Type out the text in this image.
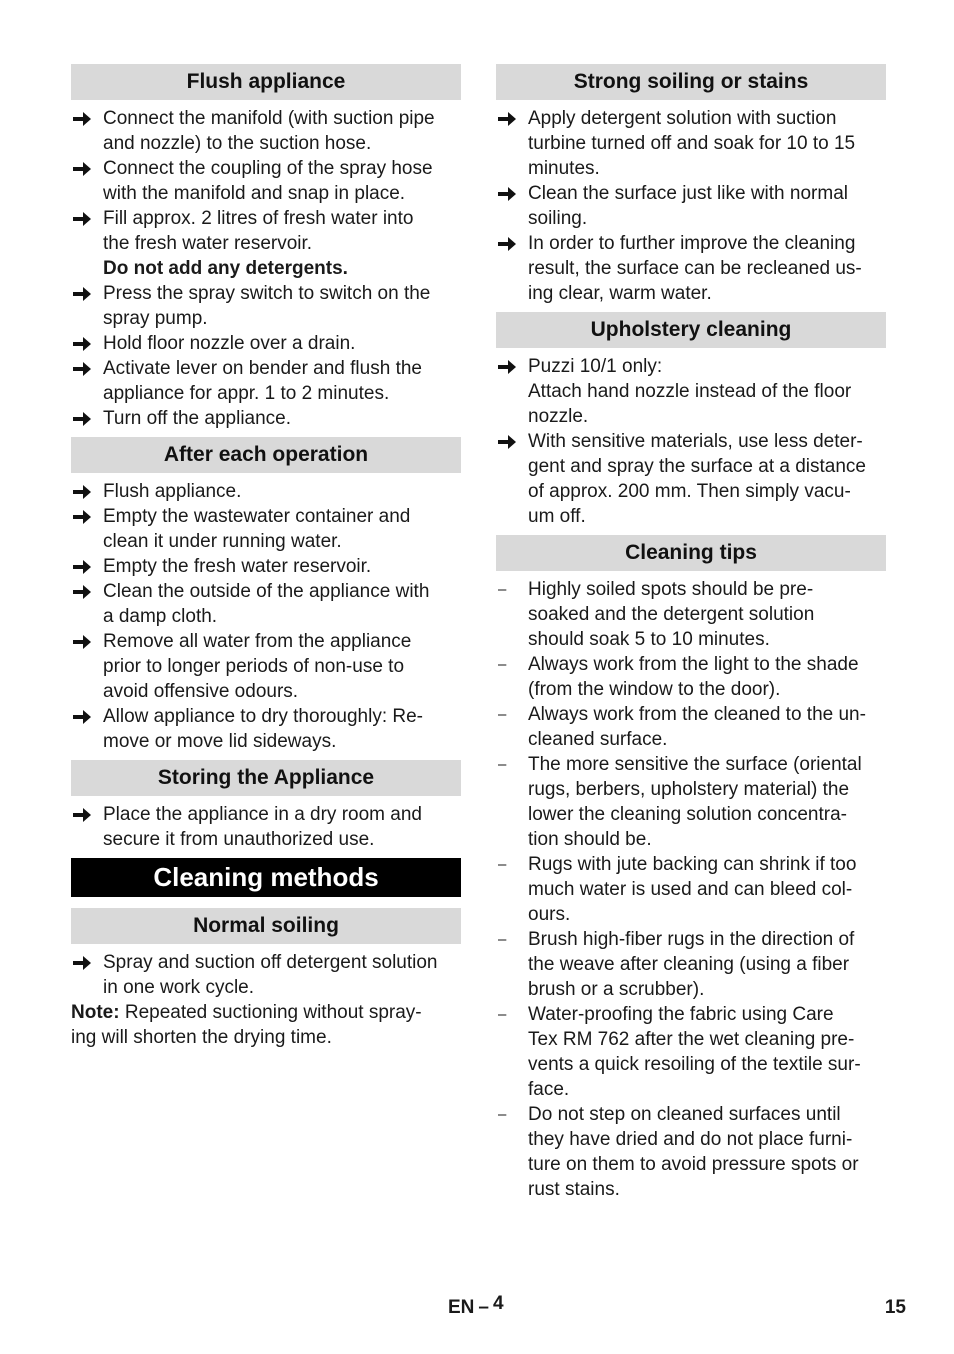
Flush appliance
Connect the manifold (with suction pipe
and nozzle) to the suction hose.
Connect the coupling of the spray hose
with the manifold and snap in place.
Fill approx. 2 litres of fresh water into
the fresh water reservoir.
Do not add any detergents.
Press the spray switch to switch on the
spray pump.
Hold floor nozzle over a drain.
Activate lever on bender and flush the
appliance for appr. 1 to 2 minutes.
Turn off the appliance.
After each operation
Flush appliance.
Empty the wastewater container and
clean it under running water.
Empty the fresh water reservoir.
Clean the outside of the appliance with
a damp cloth.
Remove all water from the appliance
prior to longer periods of non-use to
avoid offensive odours.
Allow appliance to dry thoroughly: Re-
move or move lid sideways.
Storing the Appliance
Place the appliance in a dry room and
secure it from unauthorized use.
Cleaning methods
Normal soiling
Spray and suction off detergent solution
in one work cycle.
Note: Repeated suctioning without spray-
ing will shorten the drying time.
Strong soiling or stains
Apply detergent solution with suction
turbine turned off and soak for 10 to 15
minutes.
Clean the surface just like with normal
soiling.
In order to further improve the cleaning
result, the surface can be recleaned us-
ing clear, warm water.
Upholstery cleaning
Puzzi 10/1 only:
Attach hand nozzle instead of the floor
nozzle.
With sensitive materials, use less deter-
gent and spray the surface at a distance
of approx. 200 mm. Then simply vacu-
um off.
Cleaning tips
– Highly soiled spots should be pre-
soaked and the detergent solution
should soak 5 to 10 minutes.
– Always work from the light to the shade
(from the window to the door).
– Always work from the cleaned to the un-
cleaned surface.
– The more sensitive the surface (oriental
rugs, berbers, upholstery material) the
lower the cleaning solution concentra-
tion should be.
– Rugs with jute backing can shrink if too
much water is used and can bleed col-
ours.
– Brush high-fiber rugs in the direction of
the weave after cleaning (using a fiber
brush or a scrubber).
– Water-proofing the fabric using Care
Tex RM 762 after the wet cleaning pre-
vents a quick resoiling of the textile sur-
face.
– Do not step on cleaned surfaces until
they have dried and do not place furni-
ture on them to avoid pressure spots or
rust stains.
EN – 4	15
